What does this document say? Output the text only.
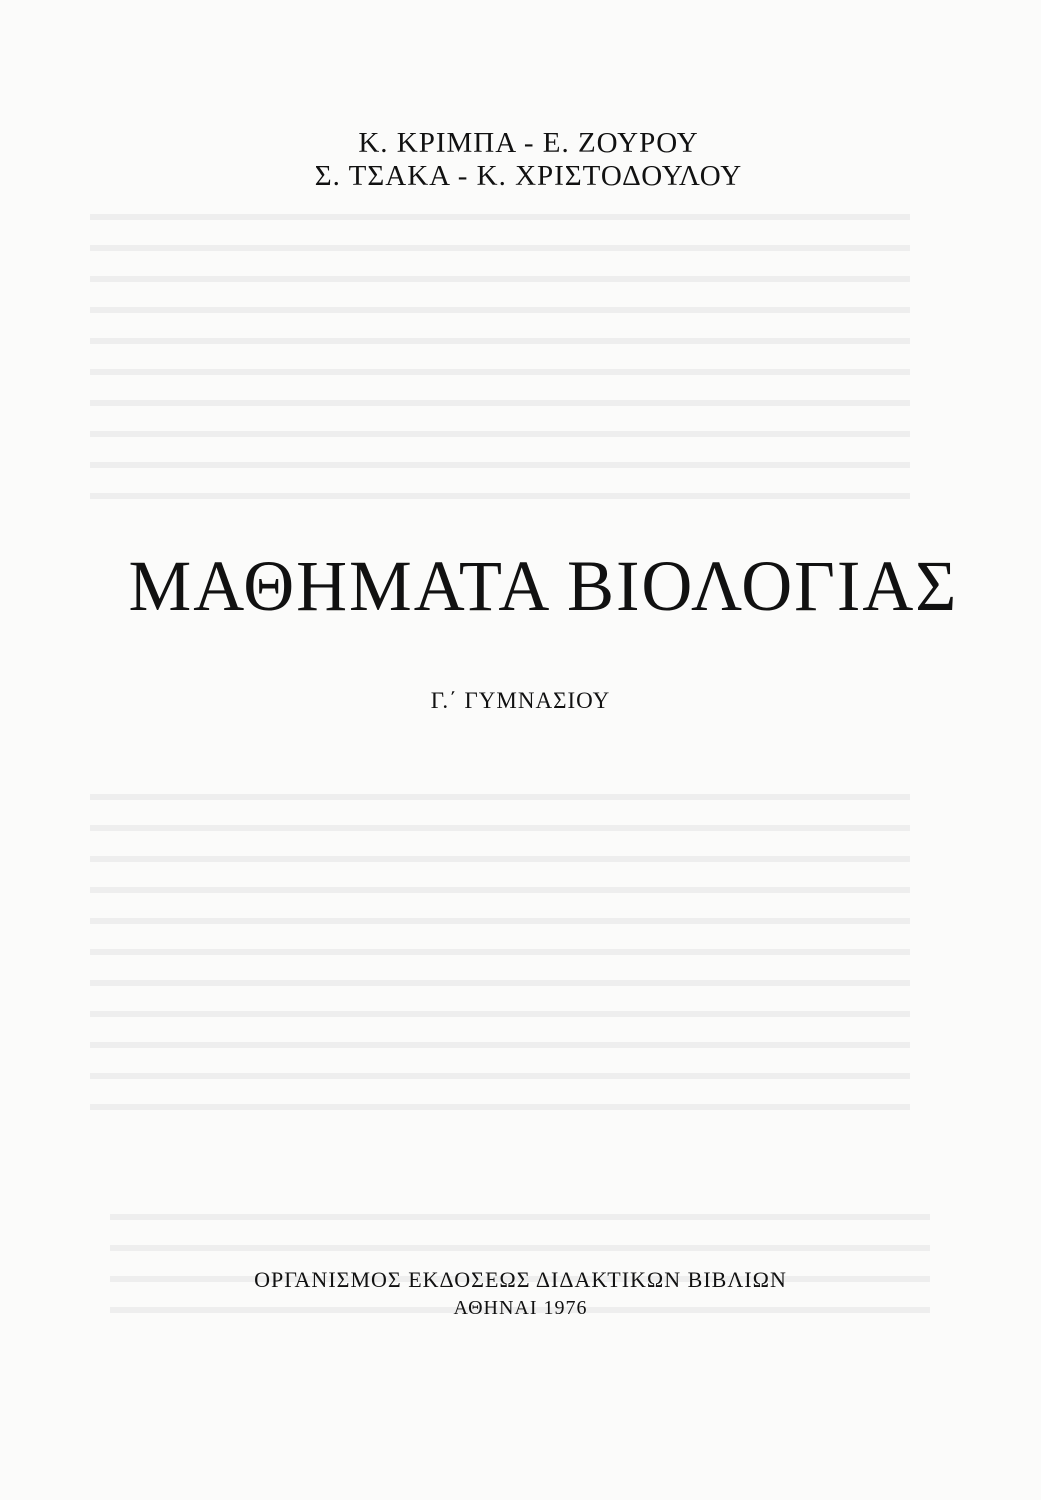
Κ. ΚΡΙΜΠΑ - Ε. ΖΟΥΡΟΥ
Σ. ΤΣΑΚΑ - Κ. ΧΡΙΣΤΟΔΟΥΛΟΥ
ΜΑΘΗΜΑΤΑ ΒΙΟΛΟΓΙΑΣ
Γ.΄ ΓΥΜΝΑΣΙΟΥ
ΟΡΓΑΝΙΣΜΟΣ ΕΚΔΟΣΕΩΣ ΔΙΔΑΚΤΙΚΩΝ ΒΙΒΛΙΩΝ
ΑΘΗΝΑΙ 1976
